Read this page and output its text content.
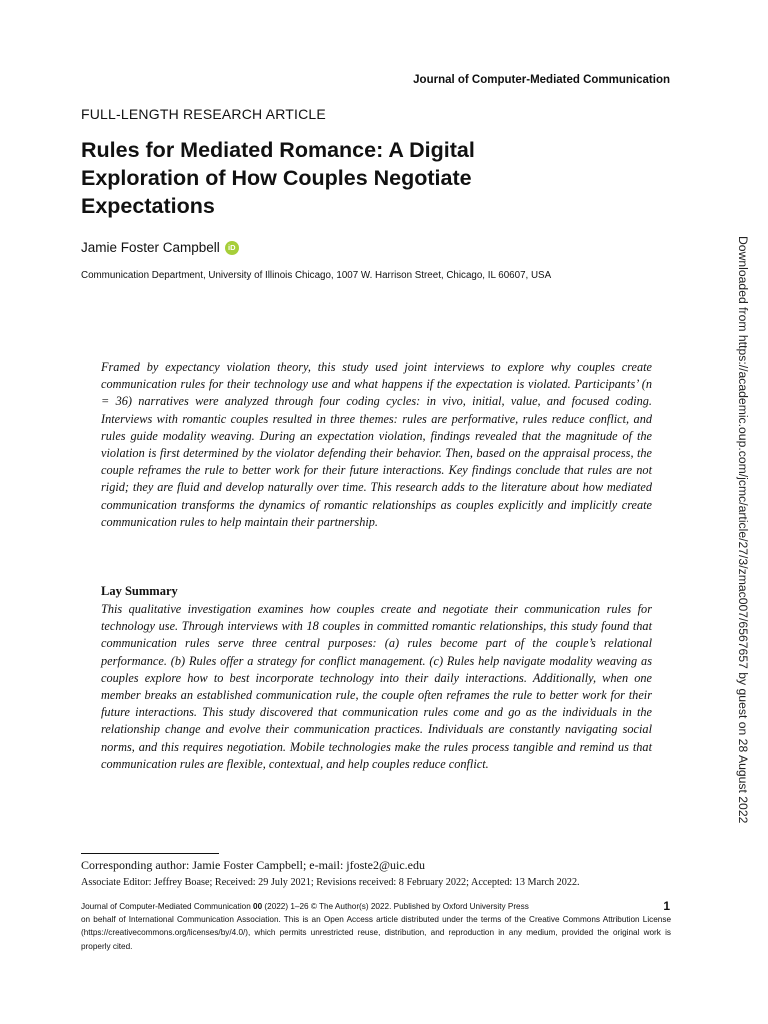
Journal of Computer-Mediated Communication
FULL-LENGTH RESEARCH ARTICLE
Rules for Mediated Romance: A Digital
Exploration of How Couples Negotiate
Expectations
Jamie Foster Campbell	iD
Communication Department, University of Illinois Chicago, 1007 W. Harrison Street, Chicago, IL 60607, USA

Framed by expectancy violation theory, this study used joint interviews to explore why couples create communication rules for their technology use and what happens if the expectation is violated. Participants’ (n = 36) narratives were analyzed through four coding cycles: in vivo, initial, value, and focused coding. Interviews with romantic couples resulted in three themes: rules are performative, rules reduce conflict, and rules guide modality weaving. During an expectation violation, findings revealed that the magnitude of the violation is first determined by the violator defending their behavior. Then, based on the appraisal process, the couple reframes the rule to better work for their future interactions. Key findings conclude that rules are not rigid; they are fluid and develop naturally over time. This research adds to the literature about how mediated communication transforms the dynamics of romantic relationships as couples explicitly and implicitly create communication rules to help maintain their partnership.

Lay Summary

This qualitative investigation examines how couples create and negotiate their communication rules for technology use. Through interviews with 18 couples in committed romantic relationships, this study found that communication rules serve three central purposes: (a) rules become part of the couple’s relational performance. (b) Rules offer a strategy for conflict management. (c) Rules help navigate modality weaving as couples explore how to best incorporate technology into their daily interactions. Additionally, when one member breaks an established communication rule, the couple often reframes the rule to better work for their future interactions. This study discovered that communication rules come and go as the individuals in the relationship change and evolve their communication practices. Individuals are constantly navigating social norms, and this requires negotiation. Mobile technologies make the rules process tangible and remind us that communication rules are flexible, contextual, and help couples reduce conflict.

Corresponding author: Jamie Foster Campbell; e-mail: jfoste2@uic.edu
Associate Editor: Jeffrey Boase; Received: 29 July 2021; Revisions received: 8 February 2022; Accepted: 13 March 2022.

Journal of Computer-Mediated Communication 00 (2022) 1–26 © The Author(s) 2022. Published by Oxford University Press
on behalf of International Communication Association. This is an Open Access article distributed under the terms of the Creative Commons Attribution License (https://creativecommons.org/licenses/by/4.0/), which permits unrestricted reuse, distribution, and reproduction in any medium, provided the original work is properly cited.

1
Downloaded from https://academic.oup.com/jcmc/article/27/3/zmac007/6567657 by guest on 28 August 2022
